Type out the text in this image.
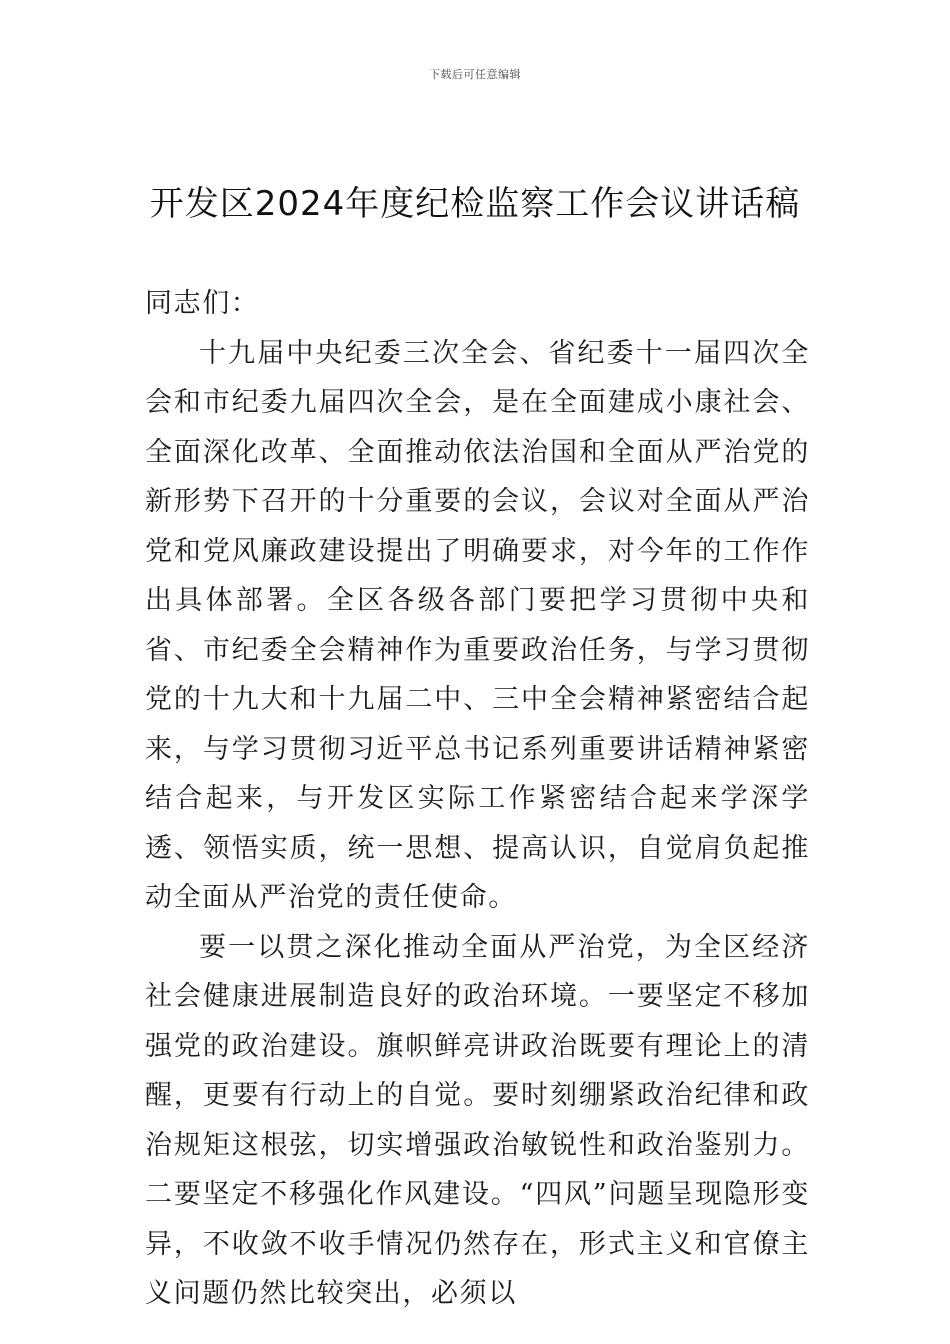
下载后可任意编辑
开发区2024年度纪检监察工作会议讲话稿

同志们：

十九届中央纪委三次全会、省纪委十一届四次全会和市纪委九届四次全会，是在全面建成小康社会、全面深化改革、全面推动依法治国和全面从严治党的新形势下召开的十分重要的会议，会议对全面从严治党和党风廉政建设提出了明确要求，对今年的工作作出具体部署。全区各级各部门要把学习贯彻中央和省、市纪委全会精神作为重要政治任务，与学习贯彻党的十九大和十九届二中、三中全会精神紧密结合起来，与学习贯彻习近平总书记系列重要讲话精神紧密结合起来，与开发区实际工作紧密结合起来学深学透、领悟实质，统一思想、提高认识，自觉肩负起推动全面从严治党的责任使命。

要一以贯之深化推动全面从严治党，为全区经济社会健康进展制造良好的政治环境。一要坚定不移加强党的政治建设。旗帜鲜亮讲政治既要有理论上的清醒，更要有行动上的自觉。要时刻绷紧政治纪律和政治规矩这根弦，切实增强政治敏锐性和政治鉴别力。二要坚定不移强化作风建设。“四风”问题呈现隐形变异，不收敛不收手情况仍然存在，形式主义和官僚主义问题仍然比较突出，必须以
